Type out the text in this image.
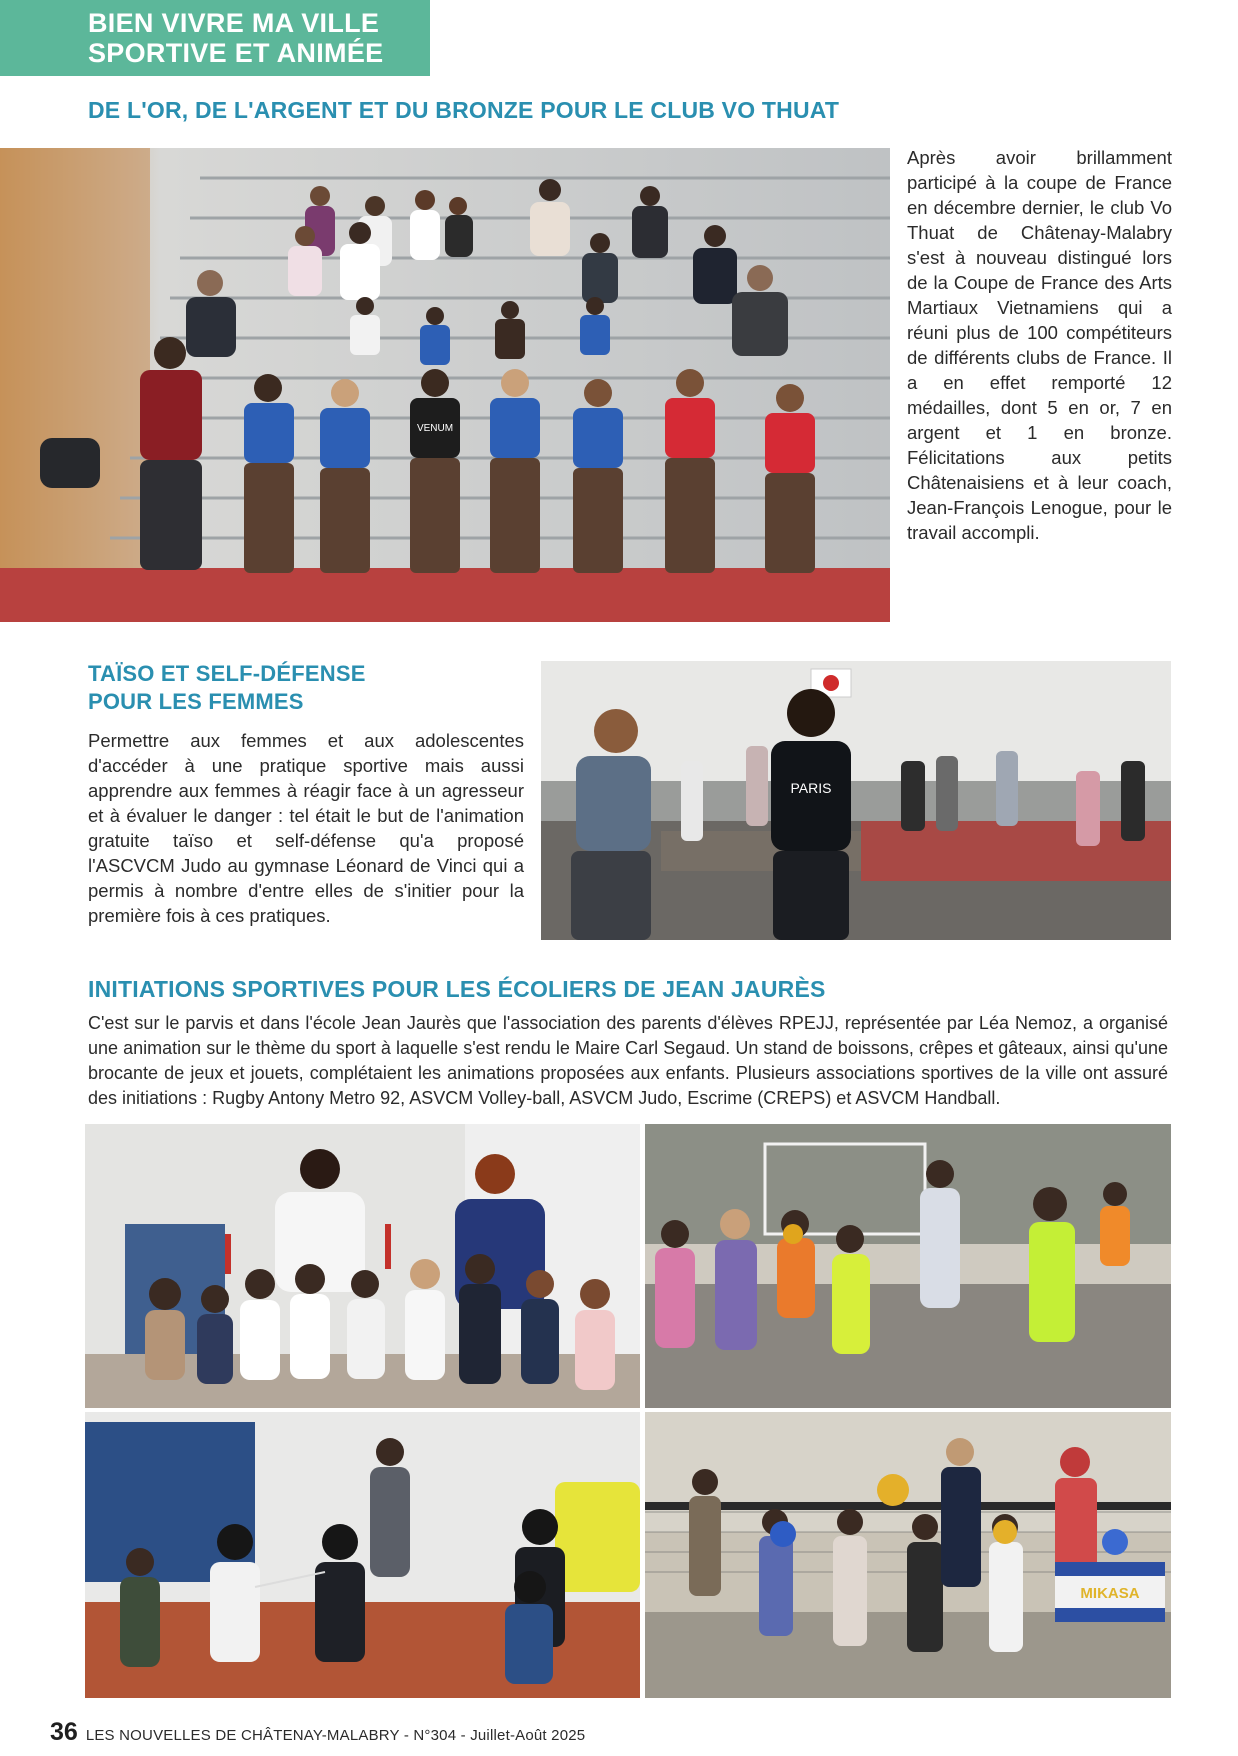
BIEN VIVRE MA VILLE
SPORTIVE ET ANIMÉE
DE L'OR, DE L'ARGENT ET DU BRONZE POUR LE CLUB VO THUAT
VENUM

Après avoir brillamment participé à la coupe de France en décembre dernier, le club Vo Thuat de Châtenay-Malabry s'est à nouveau distingué lors de la Coupe de France des Arts Martiaux Vietnamiens qui a réuni plus de 100 compétiteurs de différents clubs de France. Il a en effet remporté 12 médailles, dont 5 en or, 7 en argent et 1 en bronze. Félicitations aux petits Châtenaisiens et à leur coach, Jean-François Lenogue, pour le travail accompli.

TAÏSO ET SELF-DÉFENSE
POUR LES FEMMES

Permettre aux femmes et aux adolescentes d'accéder à une pratique sportive mais aussi apprendre aux femmes à réagir face à un agresseur et à évaluer le danger : tel était le but de l'animation gratuite taïso et self-défense qu'a proposé l'ASCVCM Judo au gymnase Léonard de Vinci qui a permis à nombre d'entre elles de s'initier pour la première fois à ces pratiques.

PARIS
INITIATIONS SPORTIVES POUR LES ÉCOLIERS DE JEAN JAURÈS

C'est sur le parvis et dans l'école Jean Jaurès que l'association des parents d'élèves RPEJJ, représentée par Léa Nemoz, a organisé une animation sur le thème du sport à laquelle s'est rendu le Maire Carl Segaud. Un stand de boissons, crêpes et gâteaux, ainsi qu'une brocante de jeux et jouets, complétaient les animations proposées aux enfants. Plusieurs associations sportives de la ville ont assuré des initiations : Rugby Antony Metro 92, ASVCM Volley-ball, ASVCM Judo, Escrime (CREPS) et ASVCM Handball.

MIKASA
36 LES NOUVELLES DE CHÂTENAY-MALABRY - N°304 - Juillet-Août 2025
